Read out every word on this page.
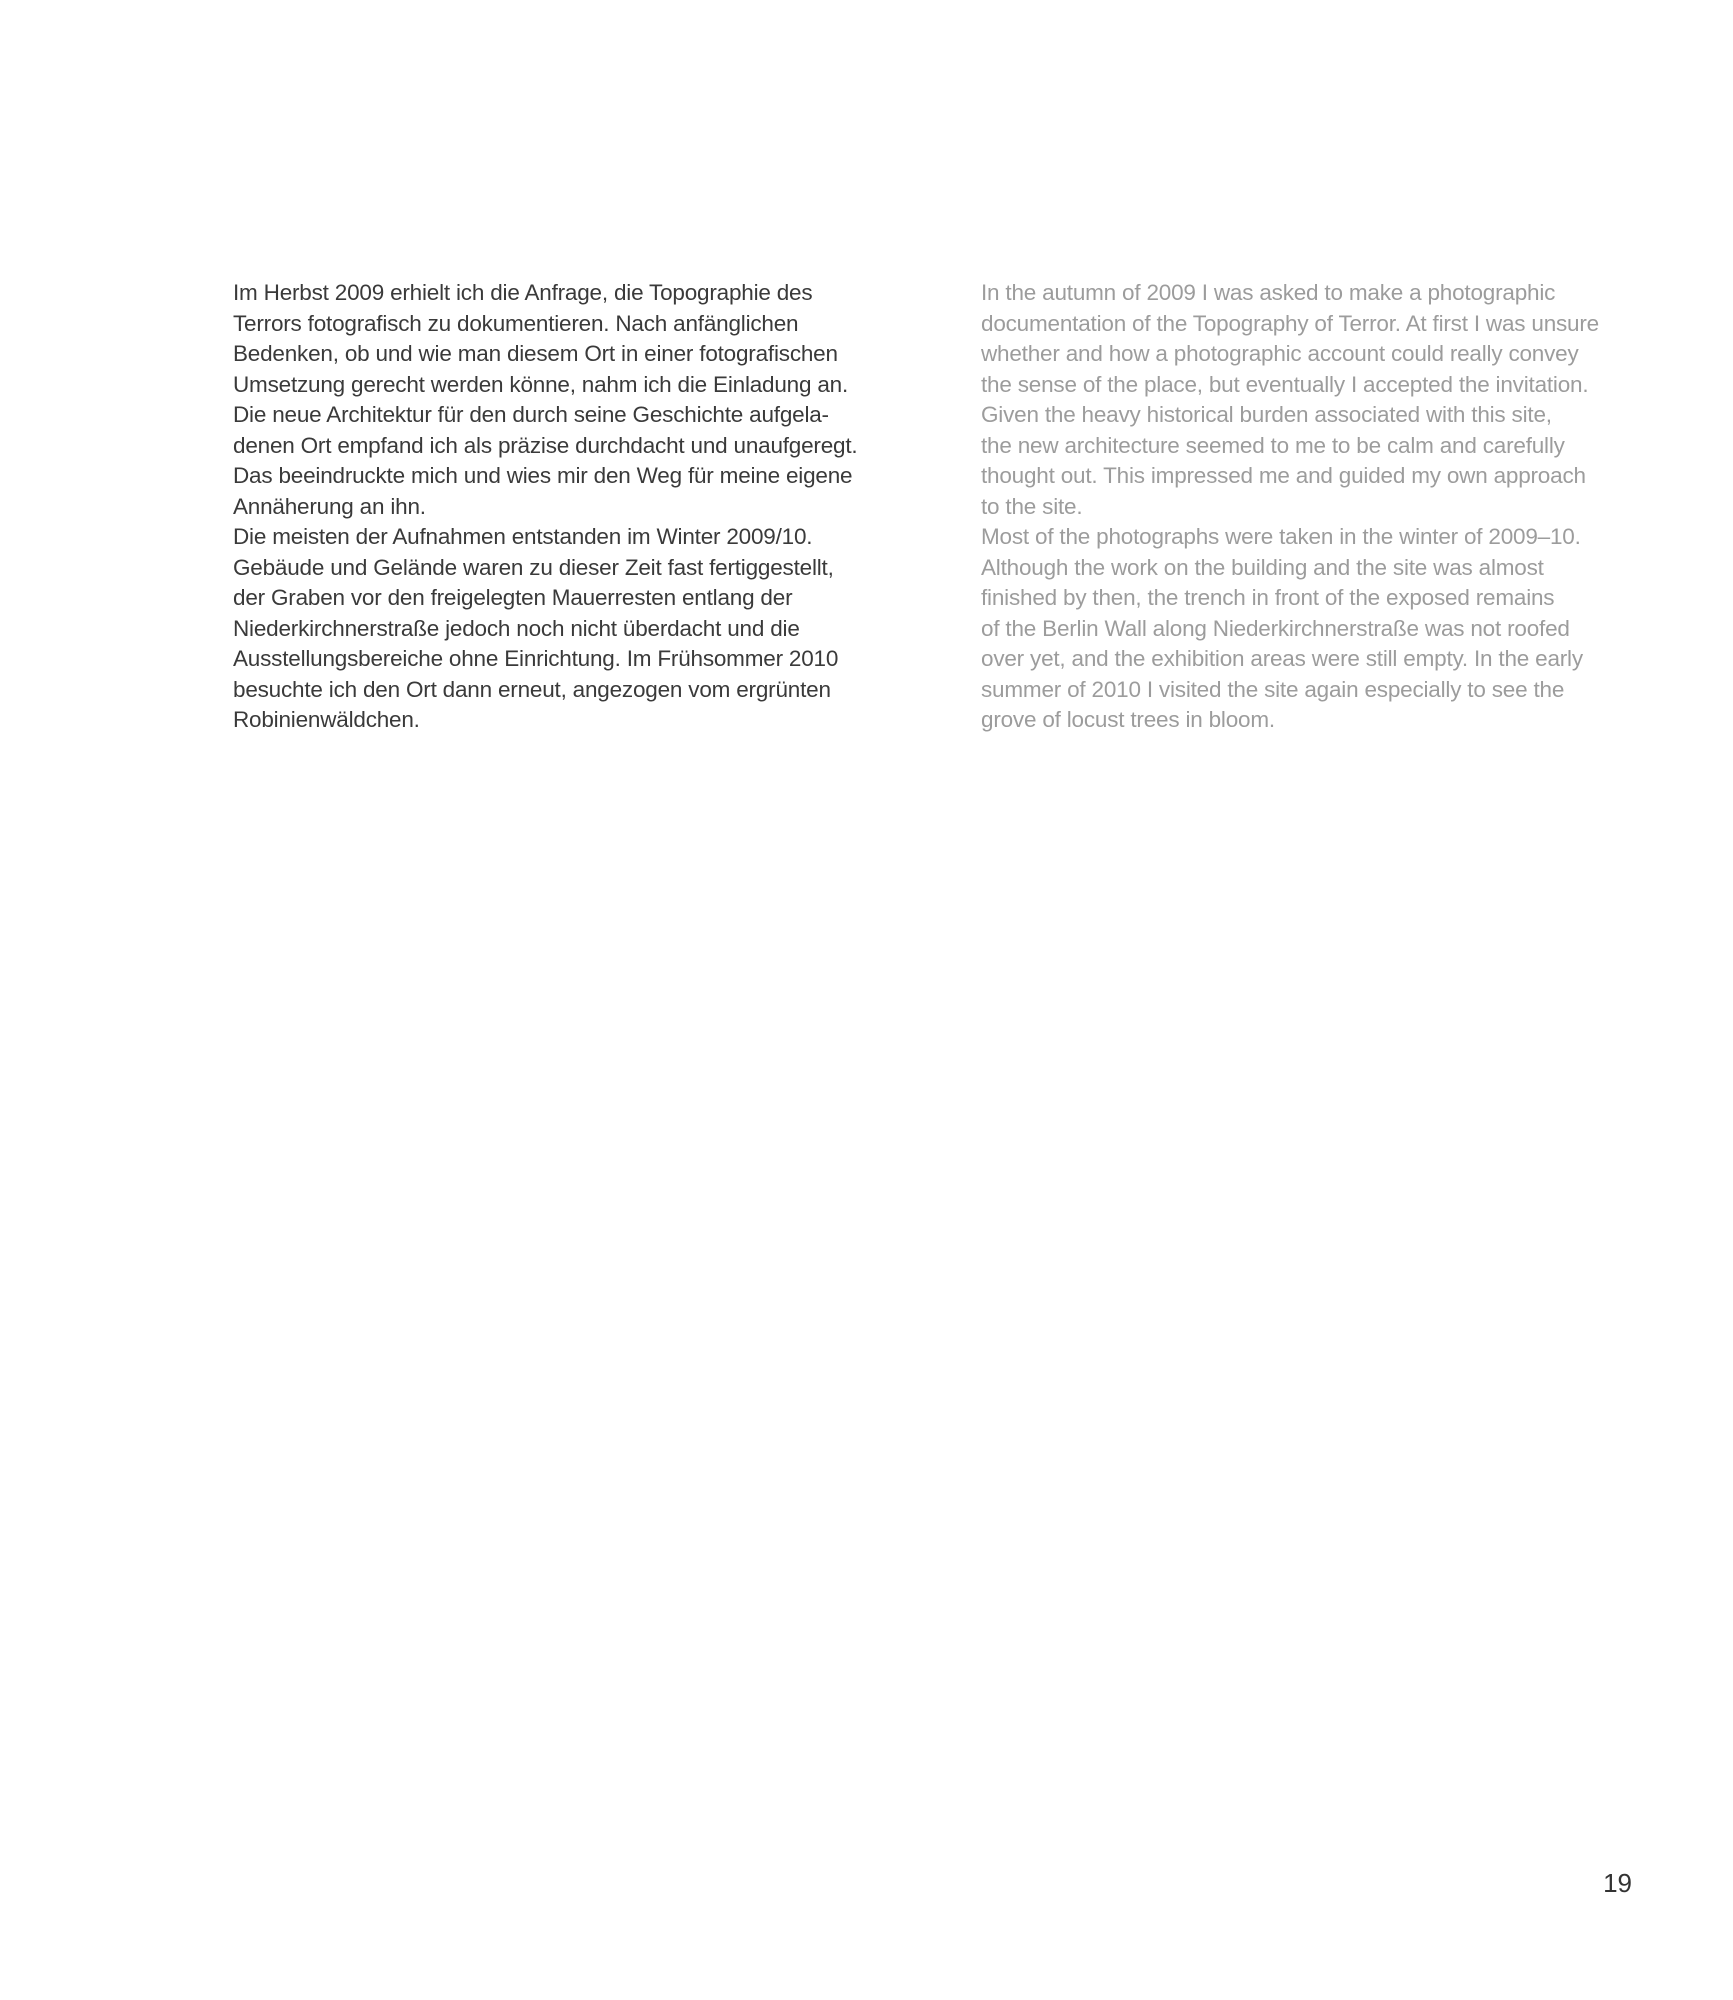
Im Herbst 2009 erhielt ich die Anfrage, die Topographie des
Terrors fotografisch zu dokumentieren. Nach anfänglichen
Bedenken, ob und wie man diesem Ort in einer fotografischen
Umsetzung gerecht werden könne, nahm ich die Einladung an.
Die neue Architektur für den durch seine Geschichte aufgela-
denen Ort empfand ich als präzise durchdacht und unaufgeregt.
Das beeindruckte mich und wies mir den Weg für meine eigene
Annäherung an ihn.
Die meisten der Aufnahmen entstanden im Winter 2009/10.
Gebäude und Gelände waren zu dieser Zeit fast fertiggestellt,
der Graben vor den freigelegten Mauerresten entlang der
Niederkirchnerstraße jedoch noch nicht überdacht und die
Ausstellungsbereiche ohne Einrichtung. Im Frühsommer 2010
besuchte ich den Ort dann erneut, angezogen vom ergrünten
Robinienwäldchen.
In the autumn of 2009 I was asked to make a photographic
documentation of the Topography of Terror. At first I was unsure
whether and how a photographic account could really convey
the sense of the place, but eventually I accepted the invitation.
Given the heavy historical burden associated with this site,
the new architecture seemed to me to be calm and carefully
thought out. This impressed me and guided my own approach
to the site.
Most of the photographs were taken in the winter of 2009–10.
Although the work on the building and the site was almost
finished by then, the trench in front of the exposed remains
of the Berlin Wall along Niederkirchnerstraße was not roofed
over yet, and the exhibition areas were still empty. In the early
summer of 2010 I visited the site again especially to see the
grove of locust trees in bloom.
19
